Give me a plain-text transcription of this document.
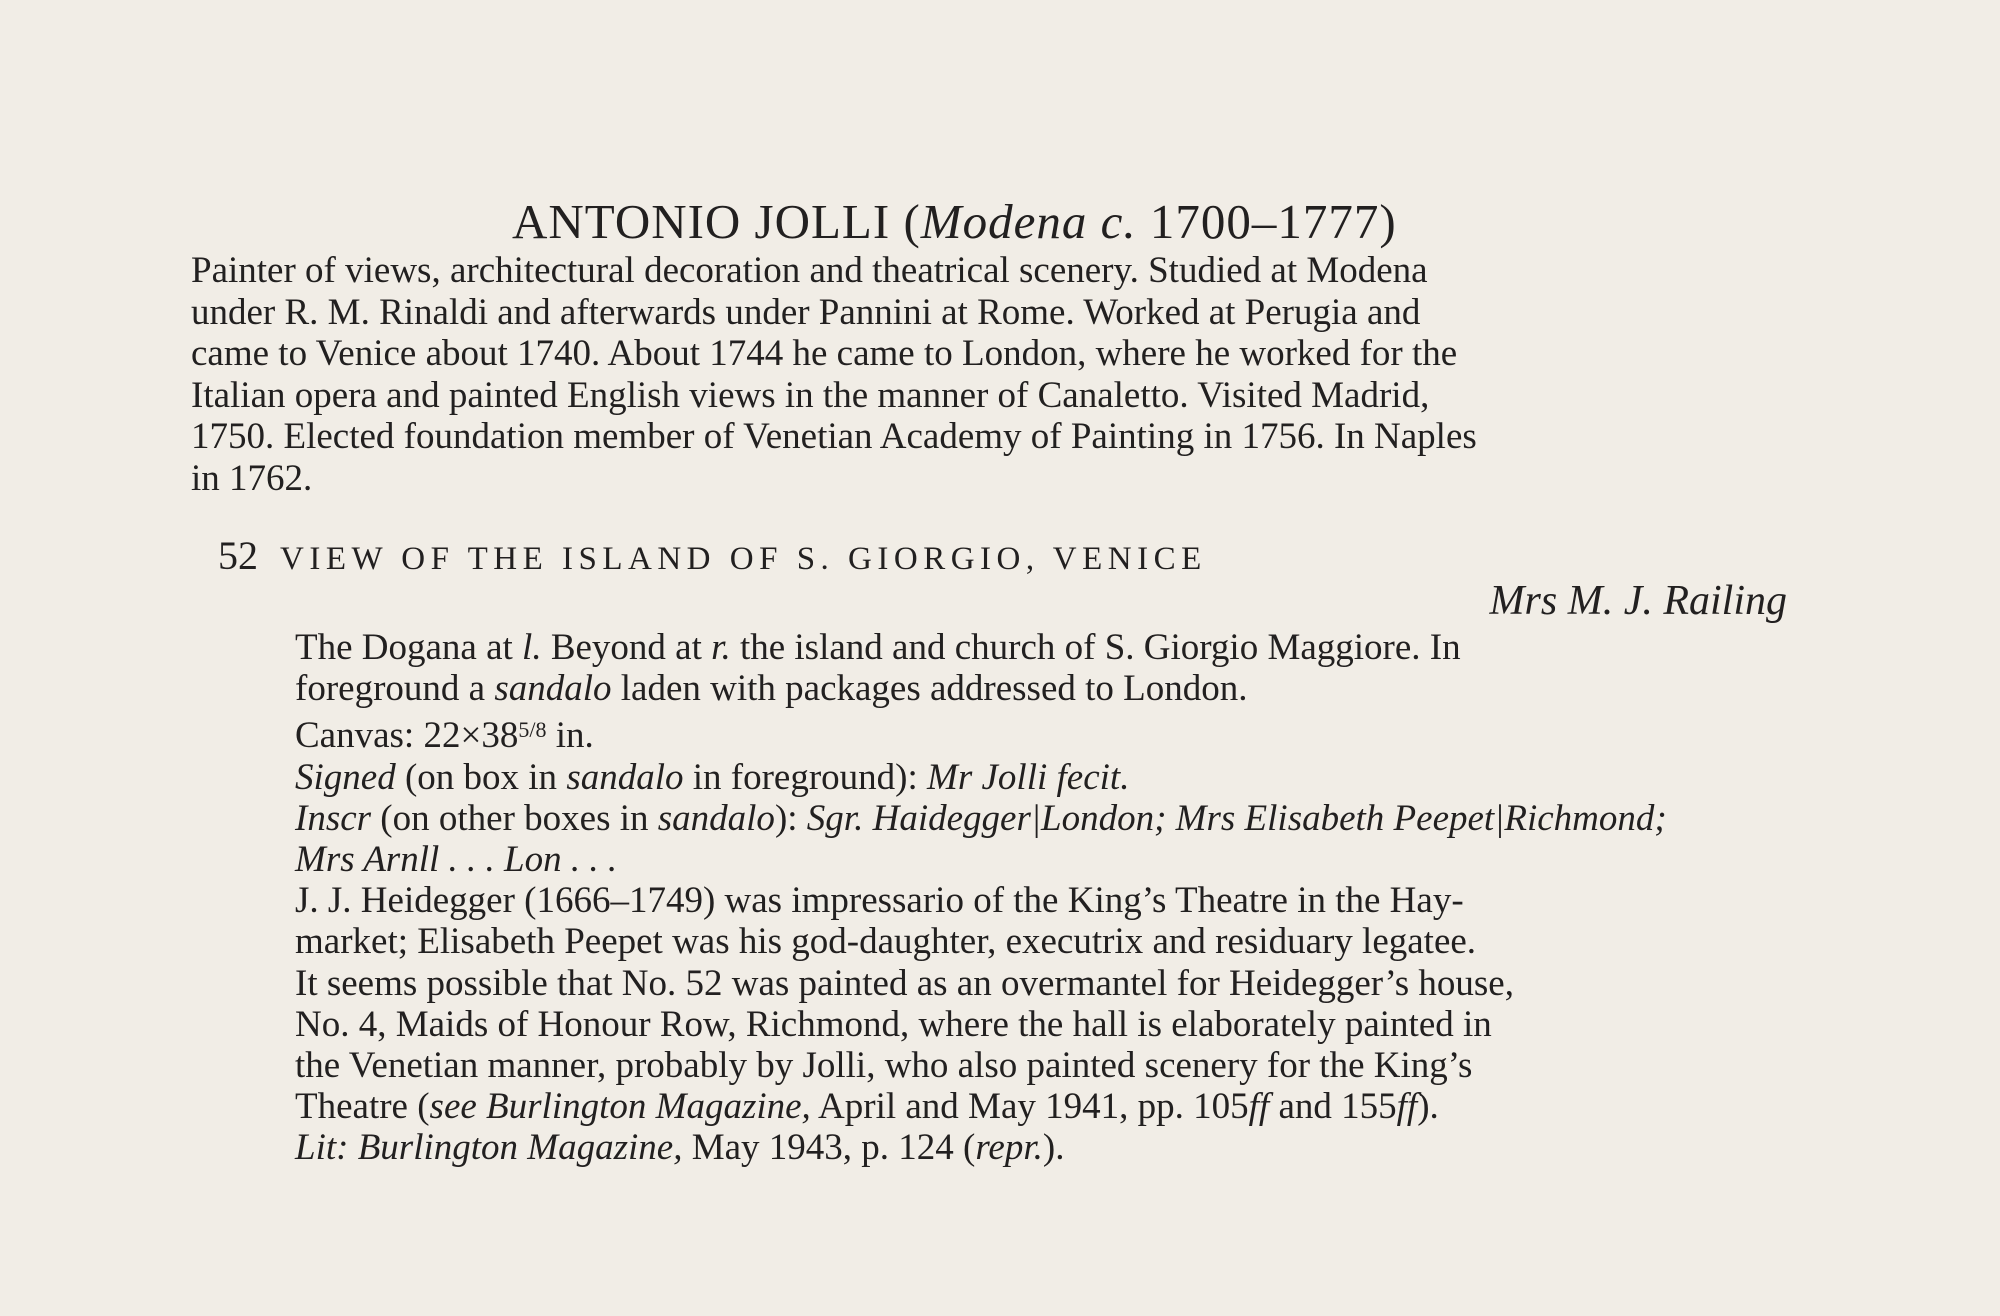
ANTONIO JOLLI (Modena c. 1700–1777)
Painter of views, architectural decoration and theatrical scenery. Studied at Modena
under R. M. Rinaldi and afterwards under Pannini at Rome. Worked at Perugia and
came to Venice about 1740. About 1744 he came to London, where he worked for the
Italian opera and painted English views in the manner of Canaletto. Visited Madrid,
1750. Elected foundation member of Venetian Academy of Painting in 1756. In Naples
in 1762.
52 VIEW OF THE ISLAND OF S. GIORGIO, VENICE
Mrs M. J. Railing
The Dogana at l. Beyond at r. the island and church of S. Giorgio Maggiore. In
foreground a sandalo laden with packages addressed to London.
Canvas: $22\times 38^{5/8}$ in.
Signed (on box in sandalo in foreground): Mr Jolli fecit.
Inscr (on other boxes in sandalo): Sgr. Haidegger|London; Mrs Elisabeth Peepet|Richmond;
Mrs Arnll . . . Lon . . .
J. J. Heidegger (1666–1749) was impressario of the King’s Theatre in the Hay-
market; Elisabeth Peepet was his god-daughter, executrix and residuary legatee.
It seems possible that No. 52 was painted as an overmantel for Heidegger’s house,
No. 4, Maids of Honour Row, Richmond, where the hall is elaborately painted in
the Venetian manner, probably by Jolli, who also painted scenery for the King’s
Theatre (see Burlington Magazine, April and May 1941, pp. 105ff and 155ff).
Lit: Burlington Magazine, May 1943, p. 124 (repr.).
